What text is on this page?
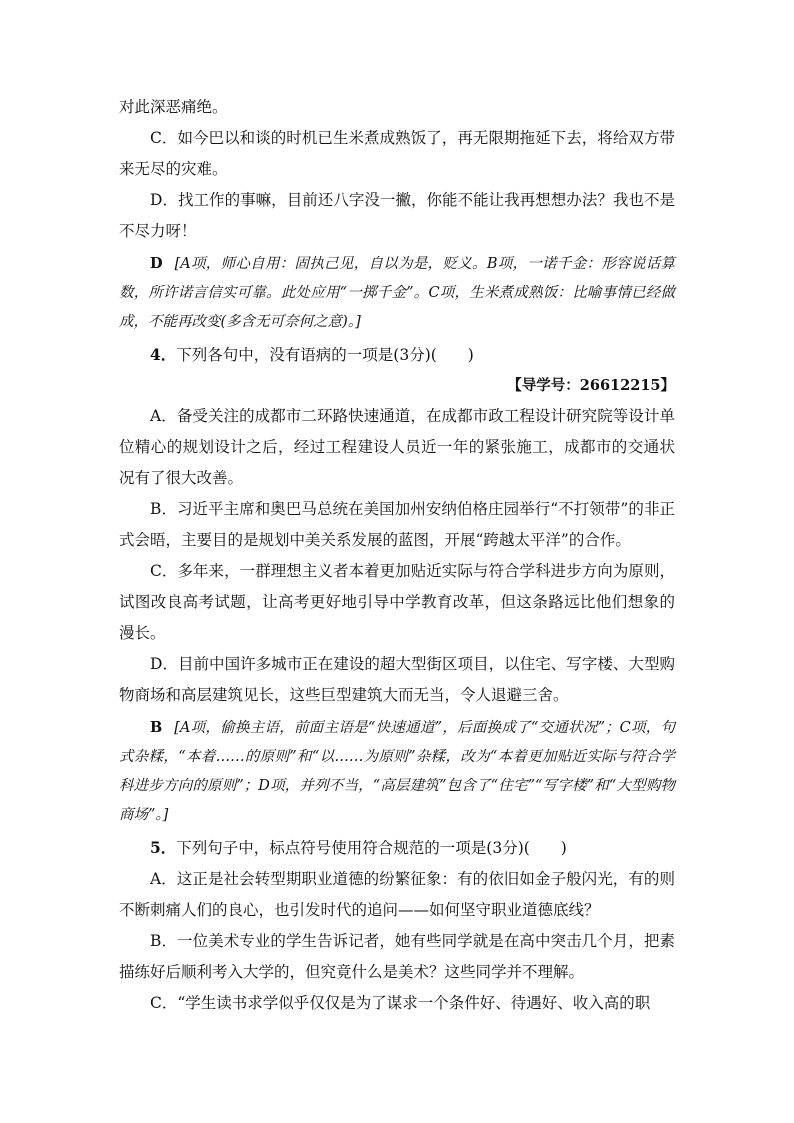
对此深恶痛绝。

C．如今巴以和谈的时机已生米煮成熟饭了，再无限期拖延下去，将给双方带来无尽的灾难。

D．找工作的事嘛，目前还八字没一撇，你能不能让我再想想办法？我也不是不尽力呀！

D [A项，师心自用：固执己见，自以为是，贬义。B项，一诺千金：形容说话算数，所许诺言信实可靠。此处应用“一掷千金”。C项，生米煮成熟饭：比喻事情已经做成，不能再改变(多含无可奈何之意)。]

4．下列各句中，没有语病的一项是(3分)(　　)

【导学号：26612215】

A．备受关注的成都市二环路快速通道，在成都市政工程设计研究院等设计单位精心的规划设计之后，经过工程建设人员近一年的紧张施工，成都市的交通状况有了很大改善。

B．习近平主席和奥巴马总统在美国加州安纳伯格庄园举行“不打领带”的非正式会晤，主要目的是规划中美关系发展的蓝图，开展“跨越太平洋”的合作。

C．多年来，一群理想主义者本着更加贴近实际与符合学科进步方向为原则，试图改良高考试题，让高考更好地引导中学教育改革，但这条路远比他们想象的漫长。

D．目前中国许多城市正在建设的超大型街区项目，以住宅、写字楼、大型购物商场和高层建筑见长，这些巨型建筑大而无当，令人退避三舍。

B [A项，偷换主语，前面主语是“快速通道”，后面换成了“交通状况”；C项，句式杂糅，“本着……的原则”和“以……为原则”杂糅，改为“本着更加贴近实际与符合学科进步方向的原则”；D项，并列不当，“高层建筑”包含了“住宅”“写字楼”和“大型购物商场”。]

5．下列句子中，标点符号使用符合规范的一项是(3分)(　　)

A．这正是社会转型期职业道德的纷繁征象：有的依旧如金子般闪光，有的则不断刺痛人们的良心，也引发时代的追问——如何坚守职业道德底线？

B．一位美术专业的学生告诉记者，她有些同学就是在高中突击几个月，把素描练好后顺利考入大学的，但究竟什么是美术？这些同学并不理解。

C．“学生读书求学似乎仅仅是为了谋求一个条件好、待遇好、收入高的职
